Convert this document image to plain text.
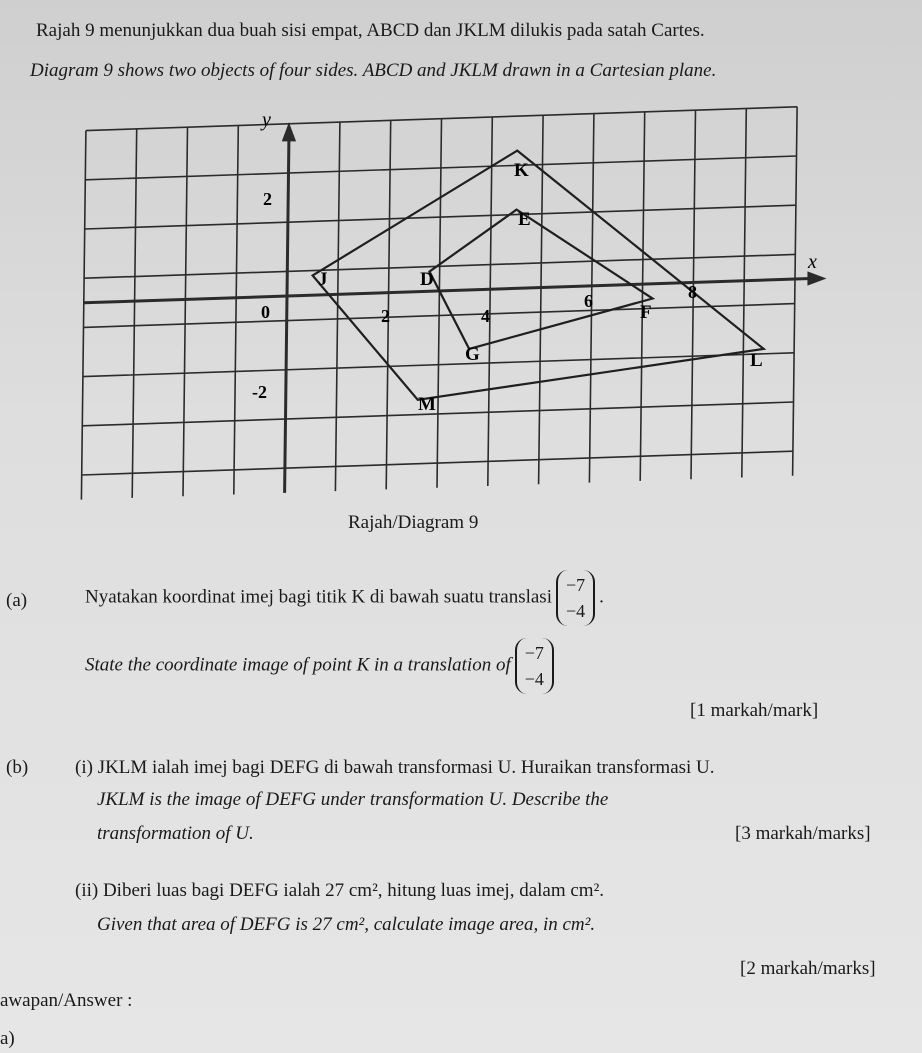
Rajah 9 menunjukkan dua buah sisi empat, ABCD dan JKLM dilukis pada satah Cartes.
Diagram 9 shows two objects of four sides. ABCD and JKLM drawn in a Cartesian plane.
y
x
0	2	4
6	8
2
-2
K
E
J	D
F
G	L
M
Rajah/Diagram 9
(a)	Nyatakan koordinat imej bagi titik K di bawah suatu translasi
−7
−4
.
State the coordinate image of point K in a translation of
−7
−4
[1 markah/mark]
(b) (i) JKLM ialah imej bagi DEFG di bawah transformasi U. Huraikan transformasi U.
JKLM is the image of DEFG under transformation U. Describe the
transformation of U.	[3 markah/marks]
(ii) Diberi luas bagi DEFG ialah 27 cm², hitung luas imej, dalam cm².
Given that area of DEFG is 27 cm², calculate image area, in cm².
[2 markah/marks]
awapan/Answer :
a)
